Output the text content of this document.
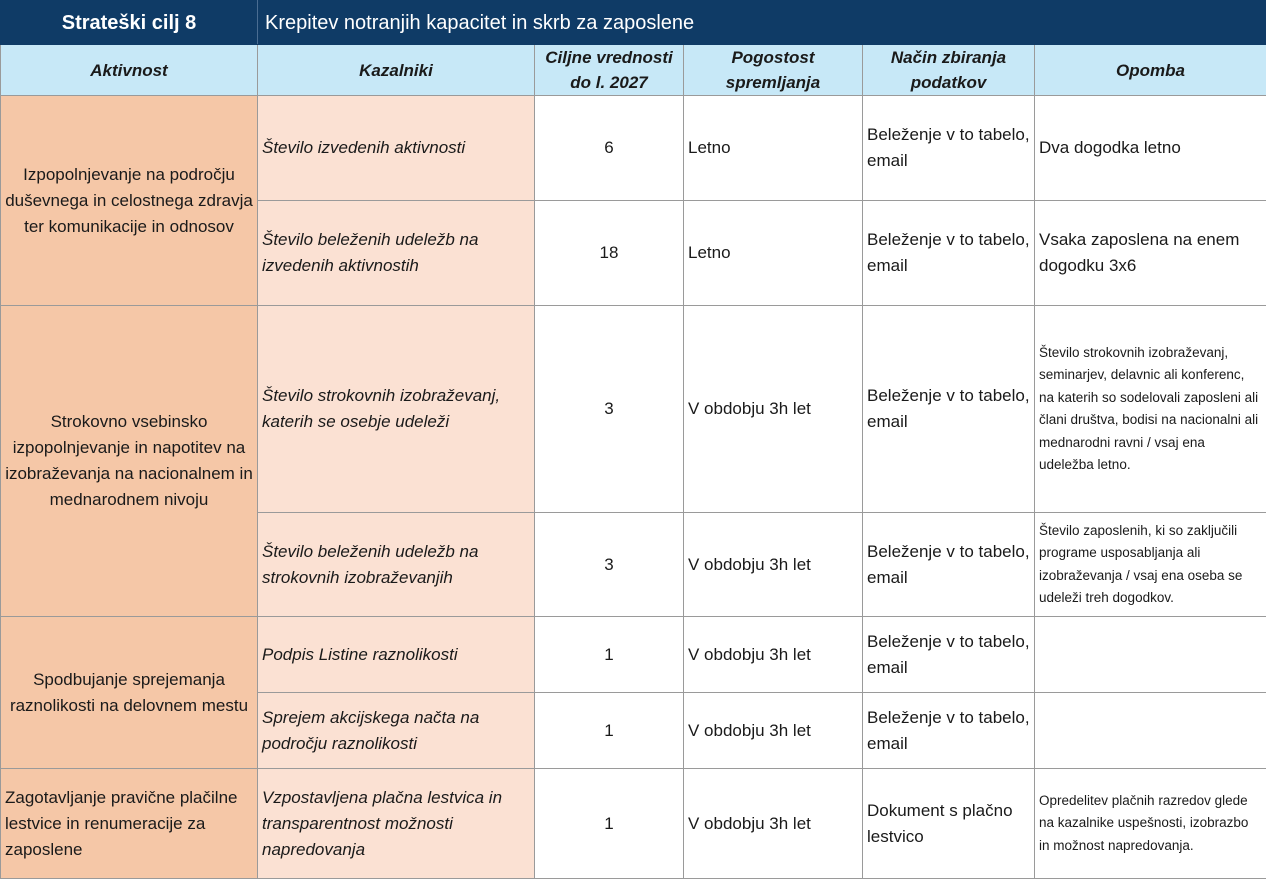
Strateški cilj 8	Krepitev notranjih kapacitet in skrb za zaposlene				
Aktivnost	Kazalniki	Ciljne vrednosti do l. 2027	Pogostost spremljanja	Način zbiranja podatkov	Opomba
Izpopolnjevanje na področju duševnega in celostnega zdravja ter komunikacije in odnosov	Število izvedenih aktivnosti	6	Letno	Beleženje v to tabelo, email	Dva dogodka letno
	Število beleženih udeležb na izvedenih aktivnostih	18	Letno	Beleženje v to tabelo, email	Vsaka zaposlena na enem dogodku 3x6
Strokovno vsebinsko izpopolnjevanje in napotitev na izobraževanja na nacionalnem in mednarodnem nivoju	Število strokovnih izobraževanj, katerih se osebje udeleži	3	V obdobju 3h let	Beleženje v to tabelo, email	Število strokovnih izobraževanj, seminarjev, delavnic ali konferenc, na katerih so sodelovali zaposleni ali člani društva, bodisi na nacionalni ali mednarodni ravni / vsaj ena udeležba letno.
	Število beleženih udeležb na strokovnih izobraževanjih	3	V obdobju 3h let	Beleženje v to tabelo, email	Število zaposlenih, ki so zaključili programe usposabljanja ali izobraževanja / vsaj ena oseba se udeleži treh dogodkov.
Spodbujanje sprejemanja raznolikosti na delovnem mestu	Podpis Listine raznolikosti	1	V obdobju 3h let	Beleženje v to tabelo, email	
	Sprejem akcijskega načta na področju raznolikosti	1	V obdobju 3h let	Beleženje v to tabelo, email	
Zagotavljanje pravične plačilne lestvice in renumeracije za zaposlene	Vzpostavljena plačna lestvica in transparentnost možnosti napredovanja	1	V obdobju 3h let	Dokument s plačno lestvico	Opredelitev plačnih razredov glede na kazalnike uspešnosti, izobrazbo in možnost napredovanja.
